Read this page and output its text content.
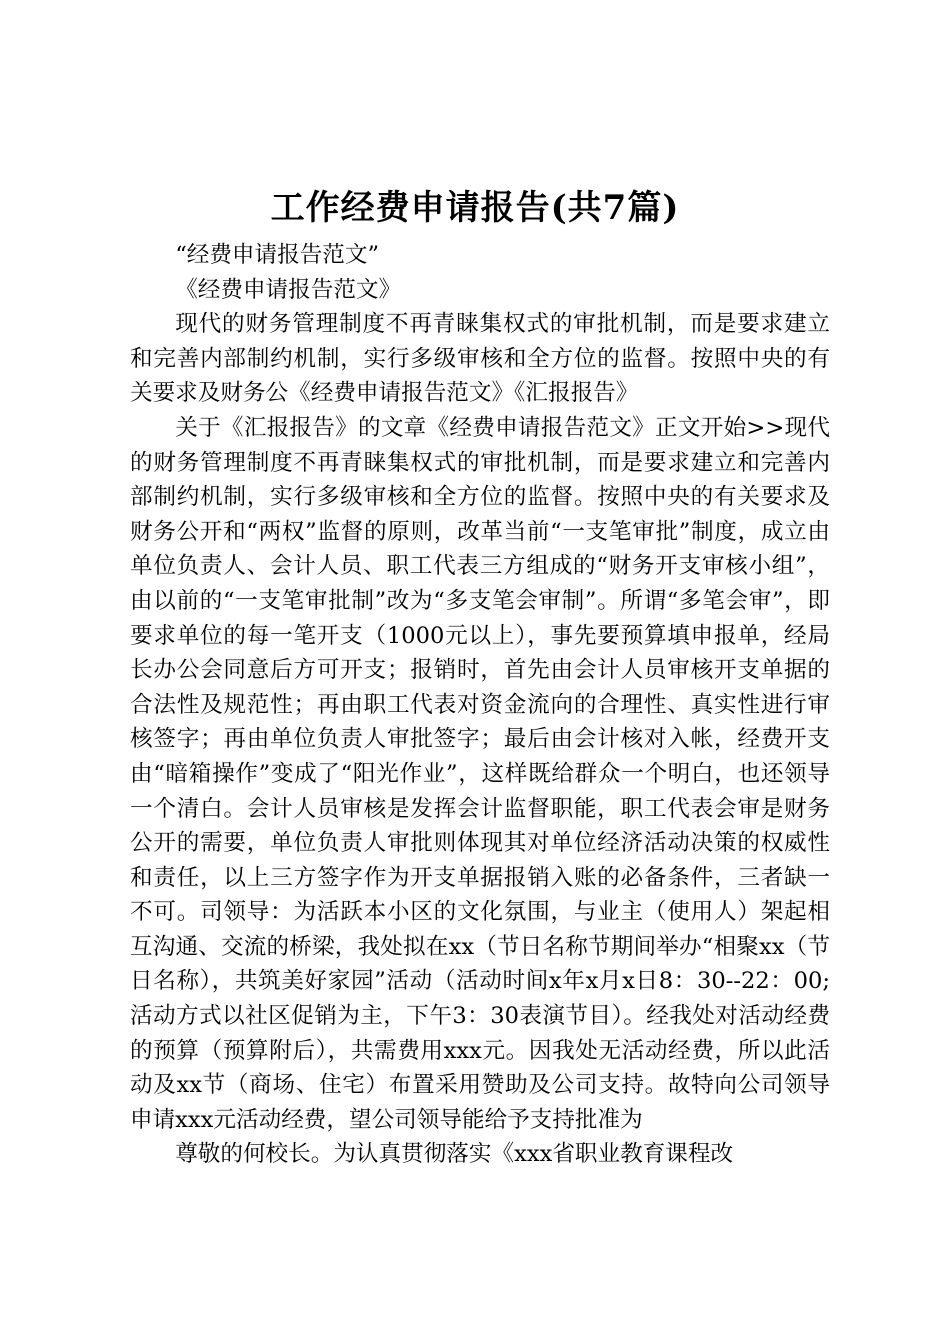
工作经费申请报告(共7篇)

“经费申请报告范文”

《经费申请报告范文》

现代的财务管理制度不再青睐集权式的审批机制，而是要求建立和完善内部制约机制，实行多级审核和全方位的监督。按照中央的有关要求及财务公《经费申请报告范文》《汇报报告》

关于《汇报报告》的文章《经费申请报告范文》正文开始>>现代的财务管理制度不再青睐集权式的审批机制，而是要求建立和完善内部制约机制，实行多级审核和全方位的监督。按照中央的有关要求及财务公开和“两权”监督的原则，改革当前“一支笔审批”制度，成立由单位负责人、会计人员、职工代表三方组成的“财务开支审核小组”，由以前的“一支笔审批制”改为“多支笔会审制”。所谓“多笔会审”，即要求单位的每一笔开支（1000元以上），事先要预算填申报单，经局长办公会同意后方可开支；报销时，首先由会计人员审核开支单据的合法性及规范性；再由职工代表对资金流向的合理性、真实性进行审核签字；再由单位负责人审批签字；最后由会计核对入帐，经费开支由“暗箱操作”变成了“阳光作业”，这样既给群众一个明白，也还领导一个清白。会计人员审核是发挥会计监督职能，职工代表会审是财务公开的需要，单位负责人审批则体现其对单位经济活动决策的权威性和责任，以上三方签字作为开支单据报销入账的必备条件，三者缺一不可。司领导：为活跃本小区的文化氛围，与业主（使用人）架起相互沟通、交流的桥梁，我处拟在xx（节日名称节期间举办“相聚xx（节日名称），共筑美好家园”活动（活动时间x年x月x日8：30--22：00;活动方式以社区促销为主，下午3：30表演节目）。经我处对活动经费的预算（预算附后），共需费用xxx元。因我处无活动经费，所以此活动及xx节（商场、住宅）布置采用赞助及公司支持。故特向公司领导申请xxx元活动经费，望公司领导能给予支持批准为

尊敬的何校长。为认真贯彻落实《xxx省职业教育课程改
